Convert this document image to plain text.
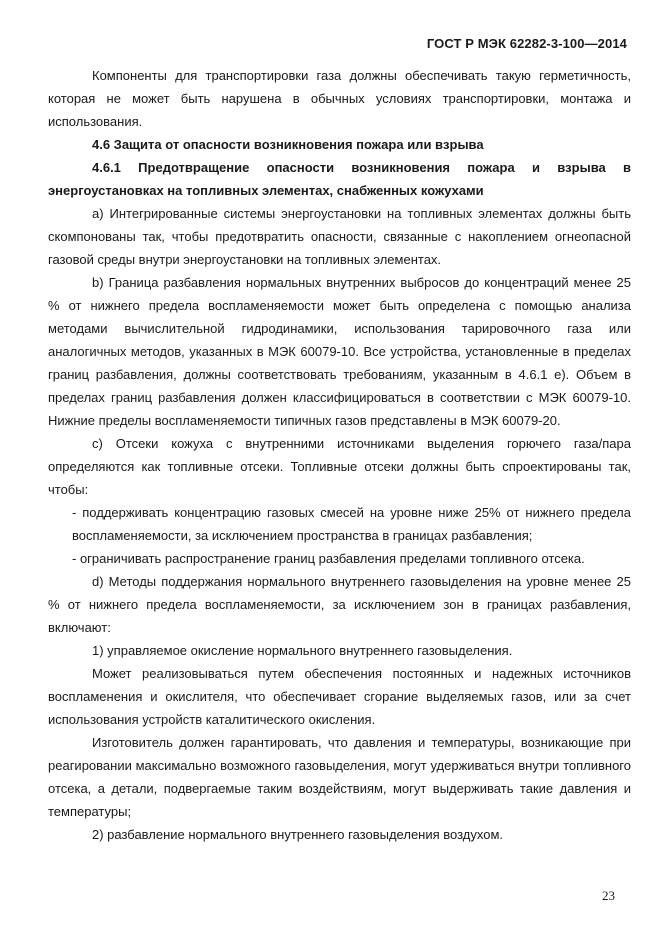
ГОСТ Р МЭК 62282-3-100—2014

Компоненты для транспортировки газа должны обеспечивать такую герметичность, которая не может быть нарушена в обычных условиях транспортировки, монтажа и использования.

4.6 Защита от опасности возникновения пожара или взрыва

4.6.1 Предотвращение опасности возникновения пожара и взрыва в энергоустановках на топливных элементах, снабженных кожухами

а) Интегрированные системы энергоустановки на топливных элементах должны быть скомпонованы так, чтобы предотвратить опасности, связанные с накоплением огнеопасной газовой среды внутри энергоустановки на топливных элементах.

b) Граница разбавления нормальных внутренних выбросов до концентраций менее 25 % от нижнего предела воспламеняемости может быть определена с помощью анализа методами вычислительной гидродинамики, использования тарировочного газа или аналогичных методов, указанных в МЭК 60079-10. Все устройства, установленные в пределах границ разбавления, должны соответствовать требованиям, указанным в 4.6.1 е). Объем в пределах границ разбавления должен классифицироваться в соответствии с МЭК 60079-10. Нижние пределы воспламеняемости типичных газов представлены в МЭК 60079-20.

с) Отсеки кожуха с внутренними источниками выделения горючего газа/пара определяются как топливные отсеки. Топливные отсеки должны быть спроектированы так, чтобы:

- поддерживать концентрацию газовых смесей на уровне ниже 25% от нижнего предела воспламеняемости, за исключением пространства в границах разбавления;

- ограничивать распространение границ разбавления пределами топливного отсека.

d) Методы поддержания нормального внутреннего газовыделения на уровне менее 25 % от нижнего предела воспламеняемости, за исключением зон в границах разбавления, включают:

1) управляемое окисление нормального внутреннего газовыделения.

Может реализовываться путем обеспечения постоянных и надежных источников воспламенения и окислителя, что обеспечивает сгорание выделяемых газов, или за счет использования устройств каталитического окисления.

Изготовитель должен гарантировать, что давления и температуры, возникающие при реагировании максимально возможного газовыделения, могут удерживаться внутри топливного отсека, а детали, подвергаемые таким воздействиям, могут выдерживать такие давления и температуры;

2) разбавление нормального внутреннего газовыделения воздухом.

23
